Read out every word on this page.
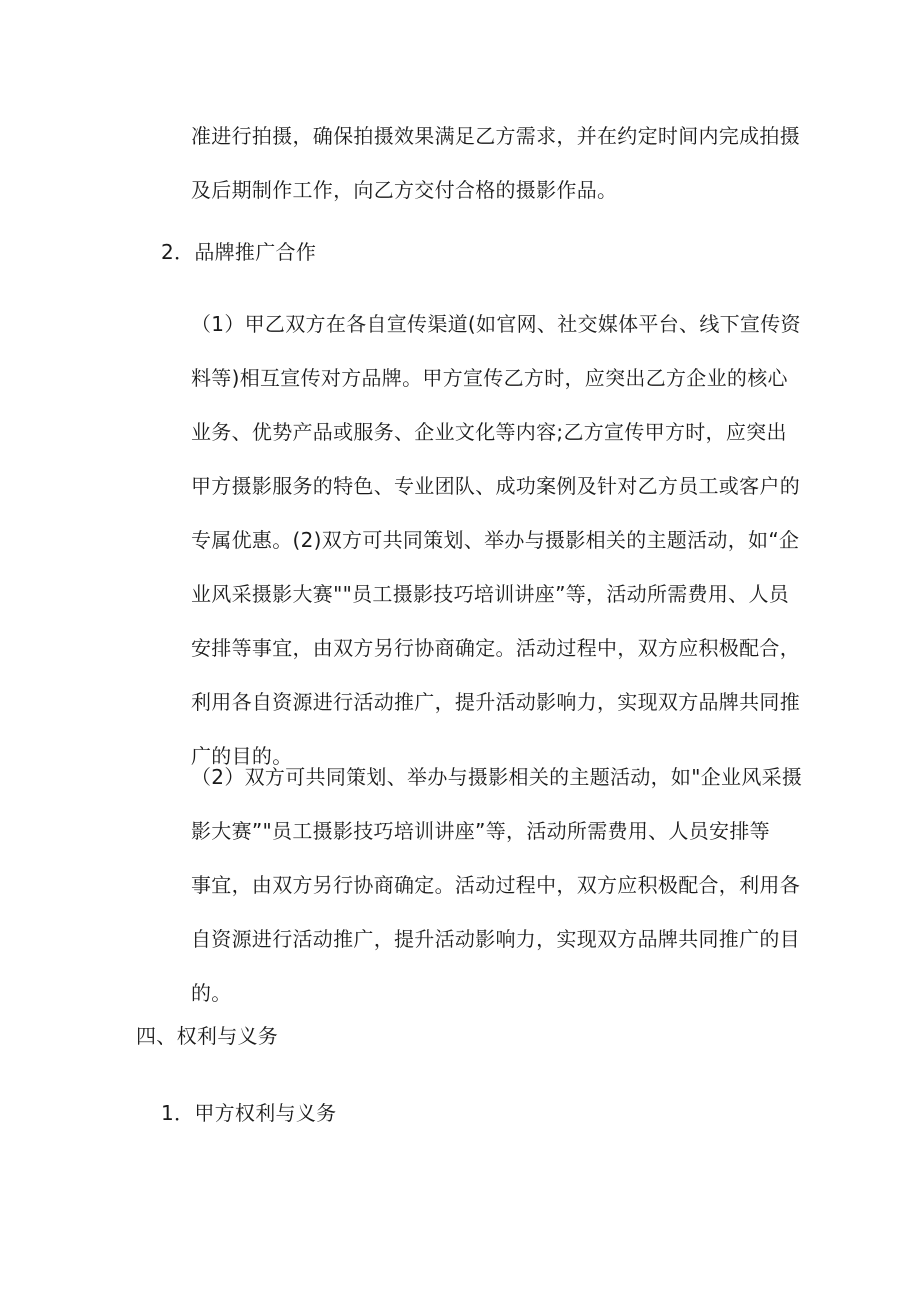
准进行拍摄，确保拍摄效果满足乙方需求，并在约定时间内完成拍摄
及后期制作工作，向乙方交付合格的摄影作品。
2．品牌推广合作
（1）甲乙双方在各自宣传渠道(如官网、社交媒体平台、线下宣传资
料等)相互宣传对方品牌。甲方宣传乙方时，应突出乙方企业的核心
业务、优势产品或服务、企业文化等内容;乙方宣传甲方时，应突出
甲方摄影服务的特色、专业团队、成功案例及针对乙方员工或客户的
专属优惠。(2)双方可共同策划、举办与摄影相关的主题活动，如“企
业风采摄影大赛""员工摄影技巧培训讲座”等，活动所需费用、人员
安排等事宜，由双方另行协商确定。活动过程中，双方应积极配合，
利用各自资源进行活动推广，提升活动影响力，实现双方品牌共同推
广的目的。
（2）双方可共同策划、举办与摄影相关的主题活动，如"企业风采摄
影大赛”"员工摄影技巧培训讲座”等，活动所需费用、人员安排等
事宜，由双方另行协商确定。活动过程中，双方应积极配合，利用各
自资源进行活动推广，提升活动影响力，实现双方品牌共同推广的目
的。
四、权利与义务
1．甲方权利与义务
